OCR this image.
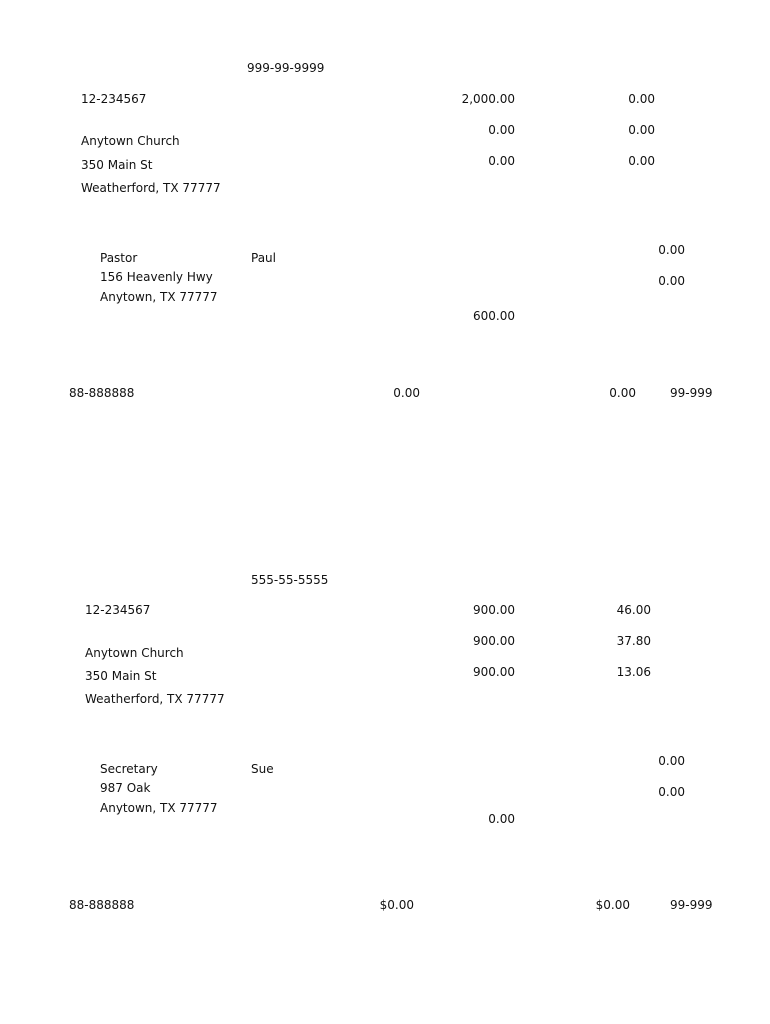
999-99-9999
12-234567	2,000.00	0.00
0.00	0.00
Anytown Church
0.00	0.00
350 Main St
Weatherford, TX 77777
0.00
Pastor	Paul
156 Heavenly Hwy	0.00
Anytown, TX 77777
600.00
88-888888	0.00	0.00	99-999
555-55-5555
12-234567	900.00	46.00
900.00	37.80
Anytown Church
900.00	13.06
350 Main St
Weatherford, TX 77777
0.00
Secretary	Sue
987 Oak	0.00
Anytown, TX 77777
0.00
88-888888	$0.00	$0.00	99-999
